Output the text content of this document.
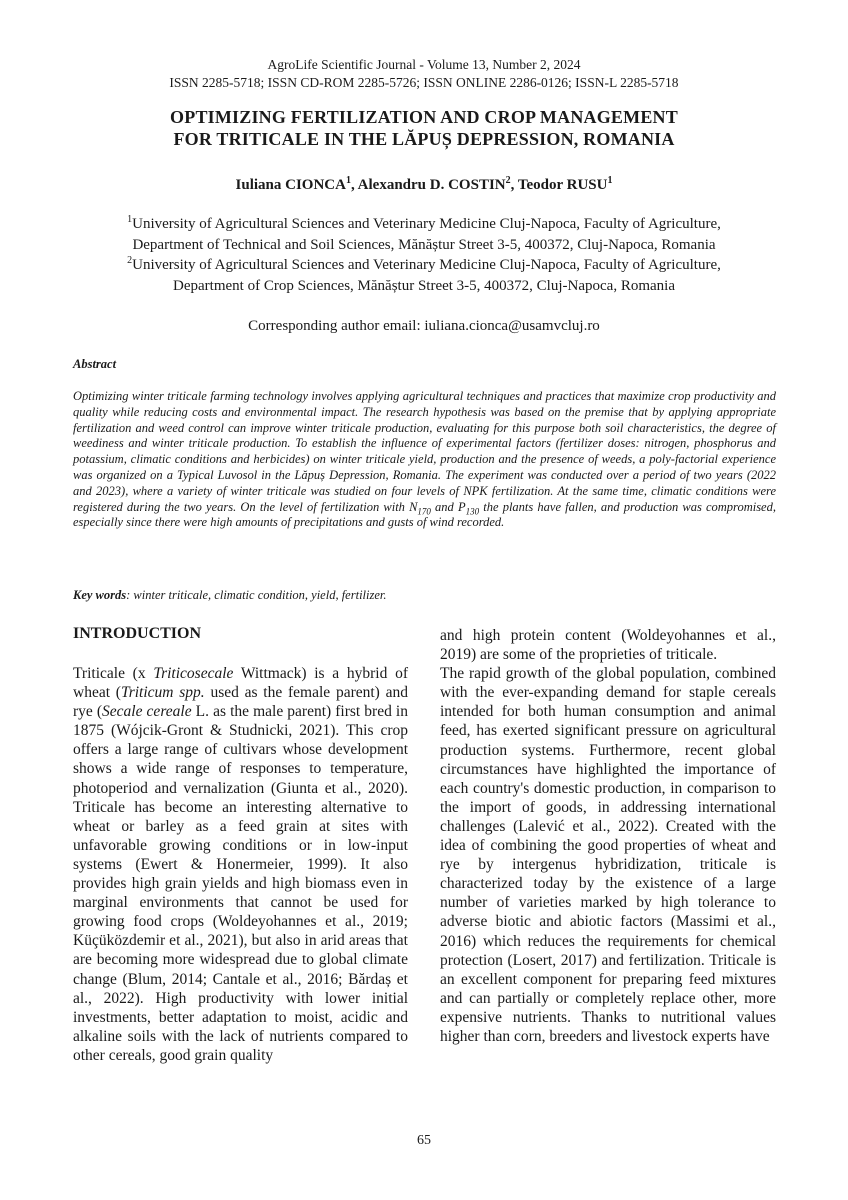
AgroLife Scientific Journal - Volume 13, Number 2, 2024
ISSN 2285-5718; ISSN CD-ROM 2285-5726; ISSN ONLINE 2286-0126; ISSN-L 2285-5718
OPTIMIZING FERTILIZATION AND CROP MANAGEMENT
FOR TRITICALE IN THE LĂPUȘ DEPRESSION, ROMANIA
Iuliana CIONCA$^1$, Alexandru D. COSTIN$^2$, Teodor RUSU$^1$
$^1$University of Agricultural Sciences and Veterinary Medicine Cluj-Napoca, Faculty of Agriculture,
Department of Technical and Soil Sciences, Mănăștur Street 3-5, 400372, Cluj-Napoca, Romania
$^2$University of Agricultural Sciences and Veterinary Medicine Cluj-Napoca, Faculty of Agriculture,
Department of Crop Sciences, Mănăștur Street 3-5, 400372, Cluj-Napoca, Romania
Corresponding author email: iuliana.cionca@usamvcluj.ro
Abstract

Optimizing winter triticale farming technology involves applying agricultural techniques and practices that maximize crop productivity and quality while reducing costs and environmental impact. The research hypothesis was based on the premise that by applying appropriate fertilization and weed control can improve winter triticale production, evaluating for this purpose both soil characteristics, the degree of weediness and winter triticale production. To establish the influence of experimental factors (fertilizer doses: nitrogen, phosphorus and potassium, climatic conditions and herbicides) on winter triticale yield, production and the presence of weeds, a poly-factorial experience was organized on a Typical Luvosol in the Lăpuș Depression, Romania. The experiment was conducted over a period of two years (2022 and 2023), where a variety of winter triticale was studied on four levels of NPK fertilization. At the same time, climatic conditions were registered during the two years. On the level of fertilization with $N_{170}$ and $P_{130}$ the plants have fallen, and production was compromised, especially since there were high amounts of precipitations and gusts of wind recorded.

Key words: winter triticale, climatic condition, yield, fertilizer.
INTRODUCTION

Triticale (x Triticosecale Wittmack) is a hybrid of wheat (Triticum spp. used as the female parent) and rye (Secale cereale L. as the male parent) first bred in 1875 (Wójcik-Gront & Studnicki, 2021). This crop offers a large range of cultivars whose development shows a wide range of responses to temperature, photoperiod and vernalization (Giunta et al., 2020). Triticale has become an interesting alternative to wheat or barley as a feed grain at sites with unfavorable growing conditions or in low-input systems (Ewert & Honermeier, 1999). It also provides high grain yields and high biomass even in marginal environments that cannot be used for growing food crops (Woldeyohannes et al., 2019; Küçüközdemir et al., 2021), but also in arid areas that are becoming more widespread due to global climate change (Blum, 2014; Cantale et al., 2016; Bărdaș et al., 2022). High productivity with lower initial investments, better adaptation to moist, acidic and alkaline soils with the lack of nutrients compared to other cereals, good grain quality

and high protein content (Woldeyohannes et al., 2019) are some of the proprieties of triticale.

The rapid growth of the global population, combined with the ever-expanding demand for staple cereals intended for both human consumption and animal feed, has exerted significant pressure on agricultural production systems. Furthermore, recent global circumstances have highlighted the importance of each country's domestic production, in comparison to the import of goods, in addressing international challenges (Lalević et al., 2022). Created with the idea of combining the good properties of wheat and rye by intergenus hybridization, triticale is characterized today by the existence of a large number of varieties marked by high tolerance to adverse biotic and abiotic factors (Massimi et al., 2016) which reduces the requirements for chemical protection (Losert, 2017) and fertilization. Triticale is an excellent component for preparing feed mixtures and can partially or completely replace other, more expensive nutrients. Thanks to nutritional values higher than corn, breeders and livestock experts have

65
